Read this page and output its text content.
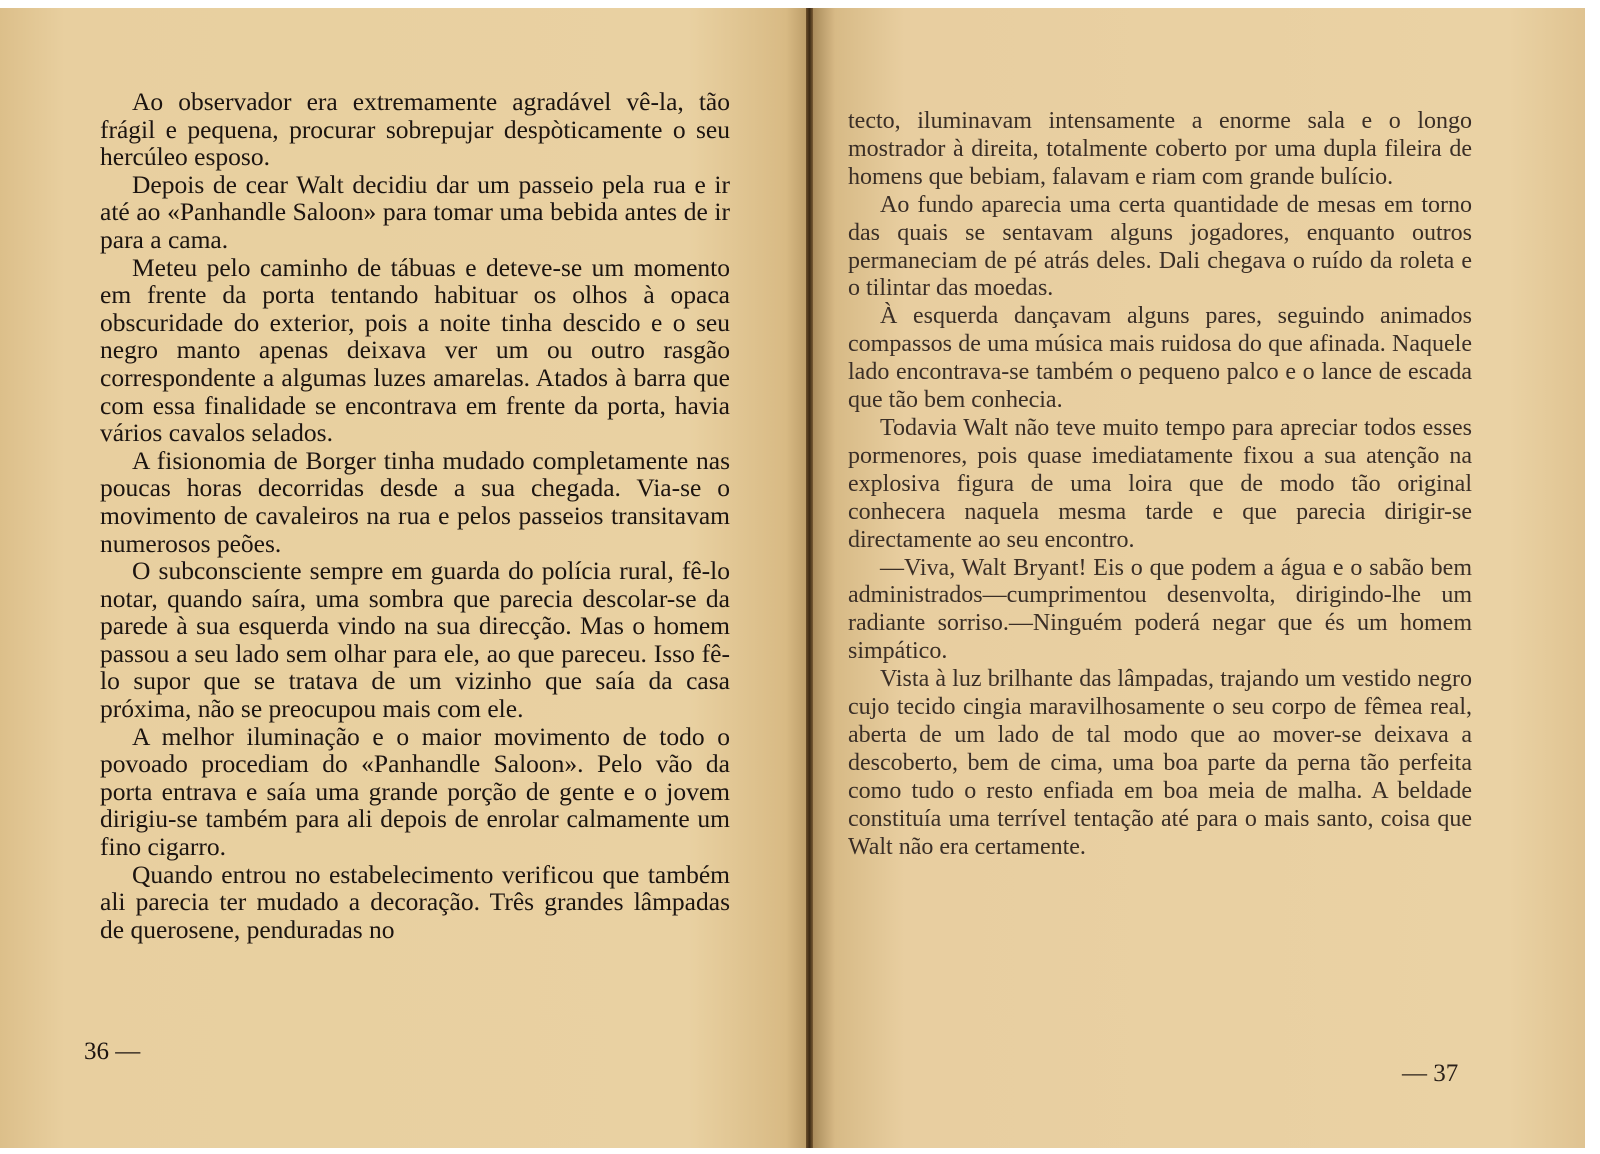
Ao observador era extremamente agradável vê-la, tão frágil e pequena, procurar sobrepujar despòticamente o seu hercúleo esposo.

Depois de cear Walt decidiu dar um passeio pela rua e ir até ao «Panhandle Saloon» para tomar uma bebida antes de ir para a cama.

Meteu pelo caminho de tábuas e deteve-se um momento em frente da porta tentando habituar os olhos à opaca obscuridade do exterior, pois a noite tinha descido e o seu negro manto apenas deixava ver um ou outro rasgão correspondente a algumas luzes amarelas. Atados à barra que com essa finalidade se encontrava em frente da porta, havia vários cavalos selados.

A fisionomia de Borger tinha mudado completamente nas poucas horas decorridas desde a sua chegada. Via-se o movimento de cavaleiros na rua e pelos passeios transitavam numerosos peões.

O subconsciente sempre em guarda do polícia rural, fê-lo notar, quando saíra, uma sombra que parecia descolar-se da parede à sua esquerda vindo na sua direcção. Mas o homem passou a seu lado sem olhar para ele, ao que pareceu. Isso fê-lo supor que se tratava de um vizinho que saía da casa próxima, não se preocupou mais com ele.

A melhor iluminação e o maior movimento de todo o povoado procediam do «Panhandle Saloon». Pelo vão da porta entrava e saía uma grande porção de gente e o jovem dirigiu-se também para ali depois de enrolar calmamente um fino cigarro.

Quando entrou no estabelecimento verificou que também ali parecia ter mudado a decoração. Três grandes lâmpadas de querosene, penduradas no

36 —

tecto, iluminavam intensamente a enorme sala e o longo mostrador à direita, totalmente coberto por uma dupla fileira de homens que bebiam, falavam e riam com grande bulício.

Ao fundo aparecia uma certa quantidade de mesas em torno das quais se sentavam alguns jogadores, enquanto outros permaneciam de pé atrás deles. Dali chegava o ruído da roleta e o tilintar das moedas.

À esquerda dançavam alguns pares, seguindo animados compassos de uma música mais ruidosa do que afinada. Naquele lado encontrava-se também o pequeno palco e o lance de escada que tão bem conhecia.

Todavia Walt não teve muito tempo para apreciar todos esses pormenores, pois quase imediatamente fixou a sua atenção na explosiva figura de uma loira que de modo tão original conhecera naquela mesma tarde e que parecia dirigir-se directamente ao seu encontro.

—Viva, Walt Bryant! Eis o que podem a água e o sabão bem administrados—cumprimentou desenvolta, dirigindo-lhe um radiante sorriso.—Ninguém poderá negar que és um homem simpático.

Vista à luz brilhante das lâmpadas, trajando um vestido negro cujo tecido cingia maravilhosamente o seu corpo de fêmea real, aberta de um lado de tal modo que ao mover-se deixava a descoberto, bem de cima, uma boa parte da perna tão perfeita como tudo o resto enfiada em boa meia de malha. A beldade constituía uma terrível tentação até para o mais santo, coisa que Walt não era certamente.

— 37
